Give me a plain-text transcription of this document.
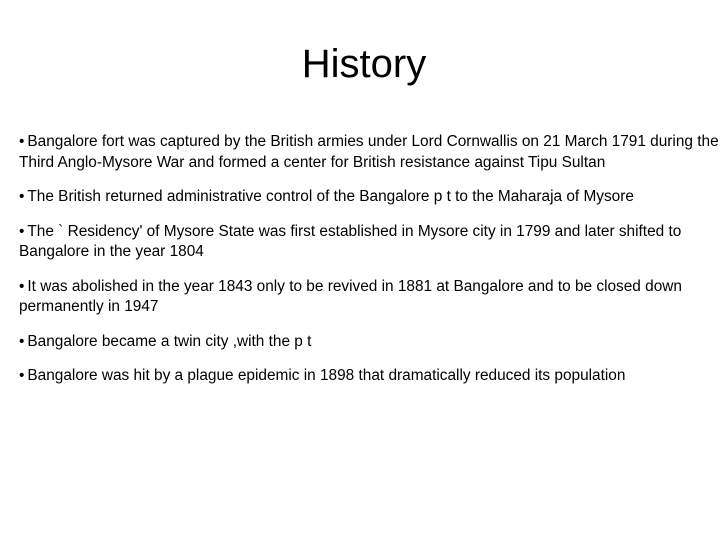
History

• Bangalore fort was captured by the British armies under Lord Cornwallis on 21 March 1791 during the Third Anglo-Mysore War and formed a center for British resistance against Tipu Sultan

• The British returned administrative control of the Bangalore p t to the Maharaja of Mysore

• The ` Residency' of Mysore State was first established in Mysore city in 1799 and later shifted to Bangalore in the year 1804

• It was abolished in the year 1843 only to be revived in 1881 at Bangalore and to be closed down permanently in 1947

• Bangalore became a twin city ,with the p t

• Bangalore was hit by a plague epidemic in 1898 that dramatically reduced its population
